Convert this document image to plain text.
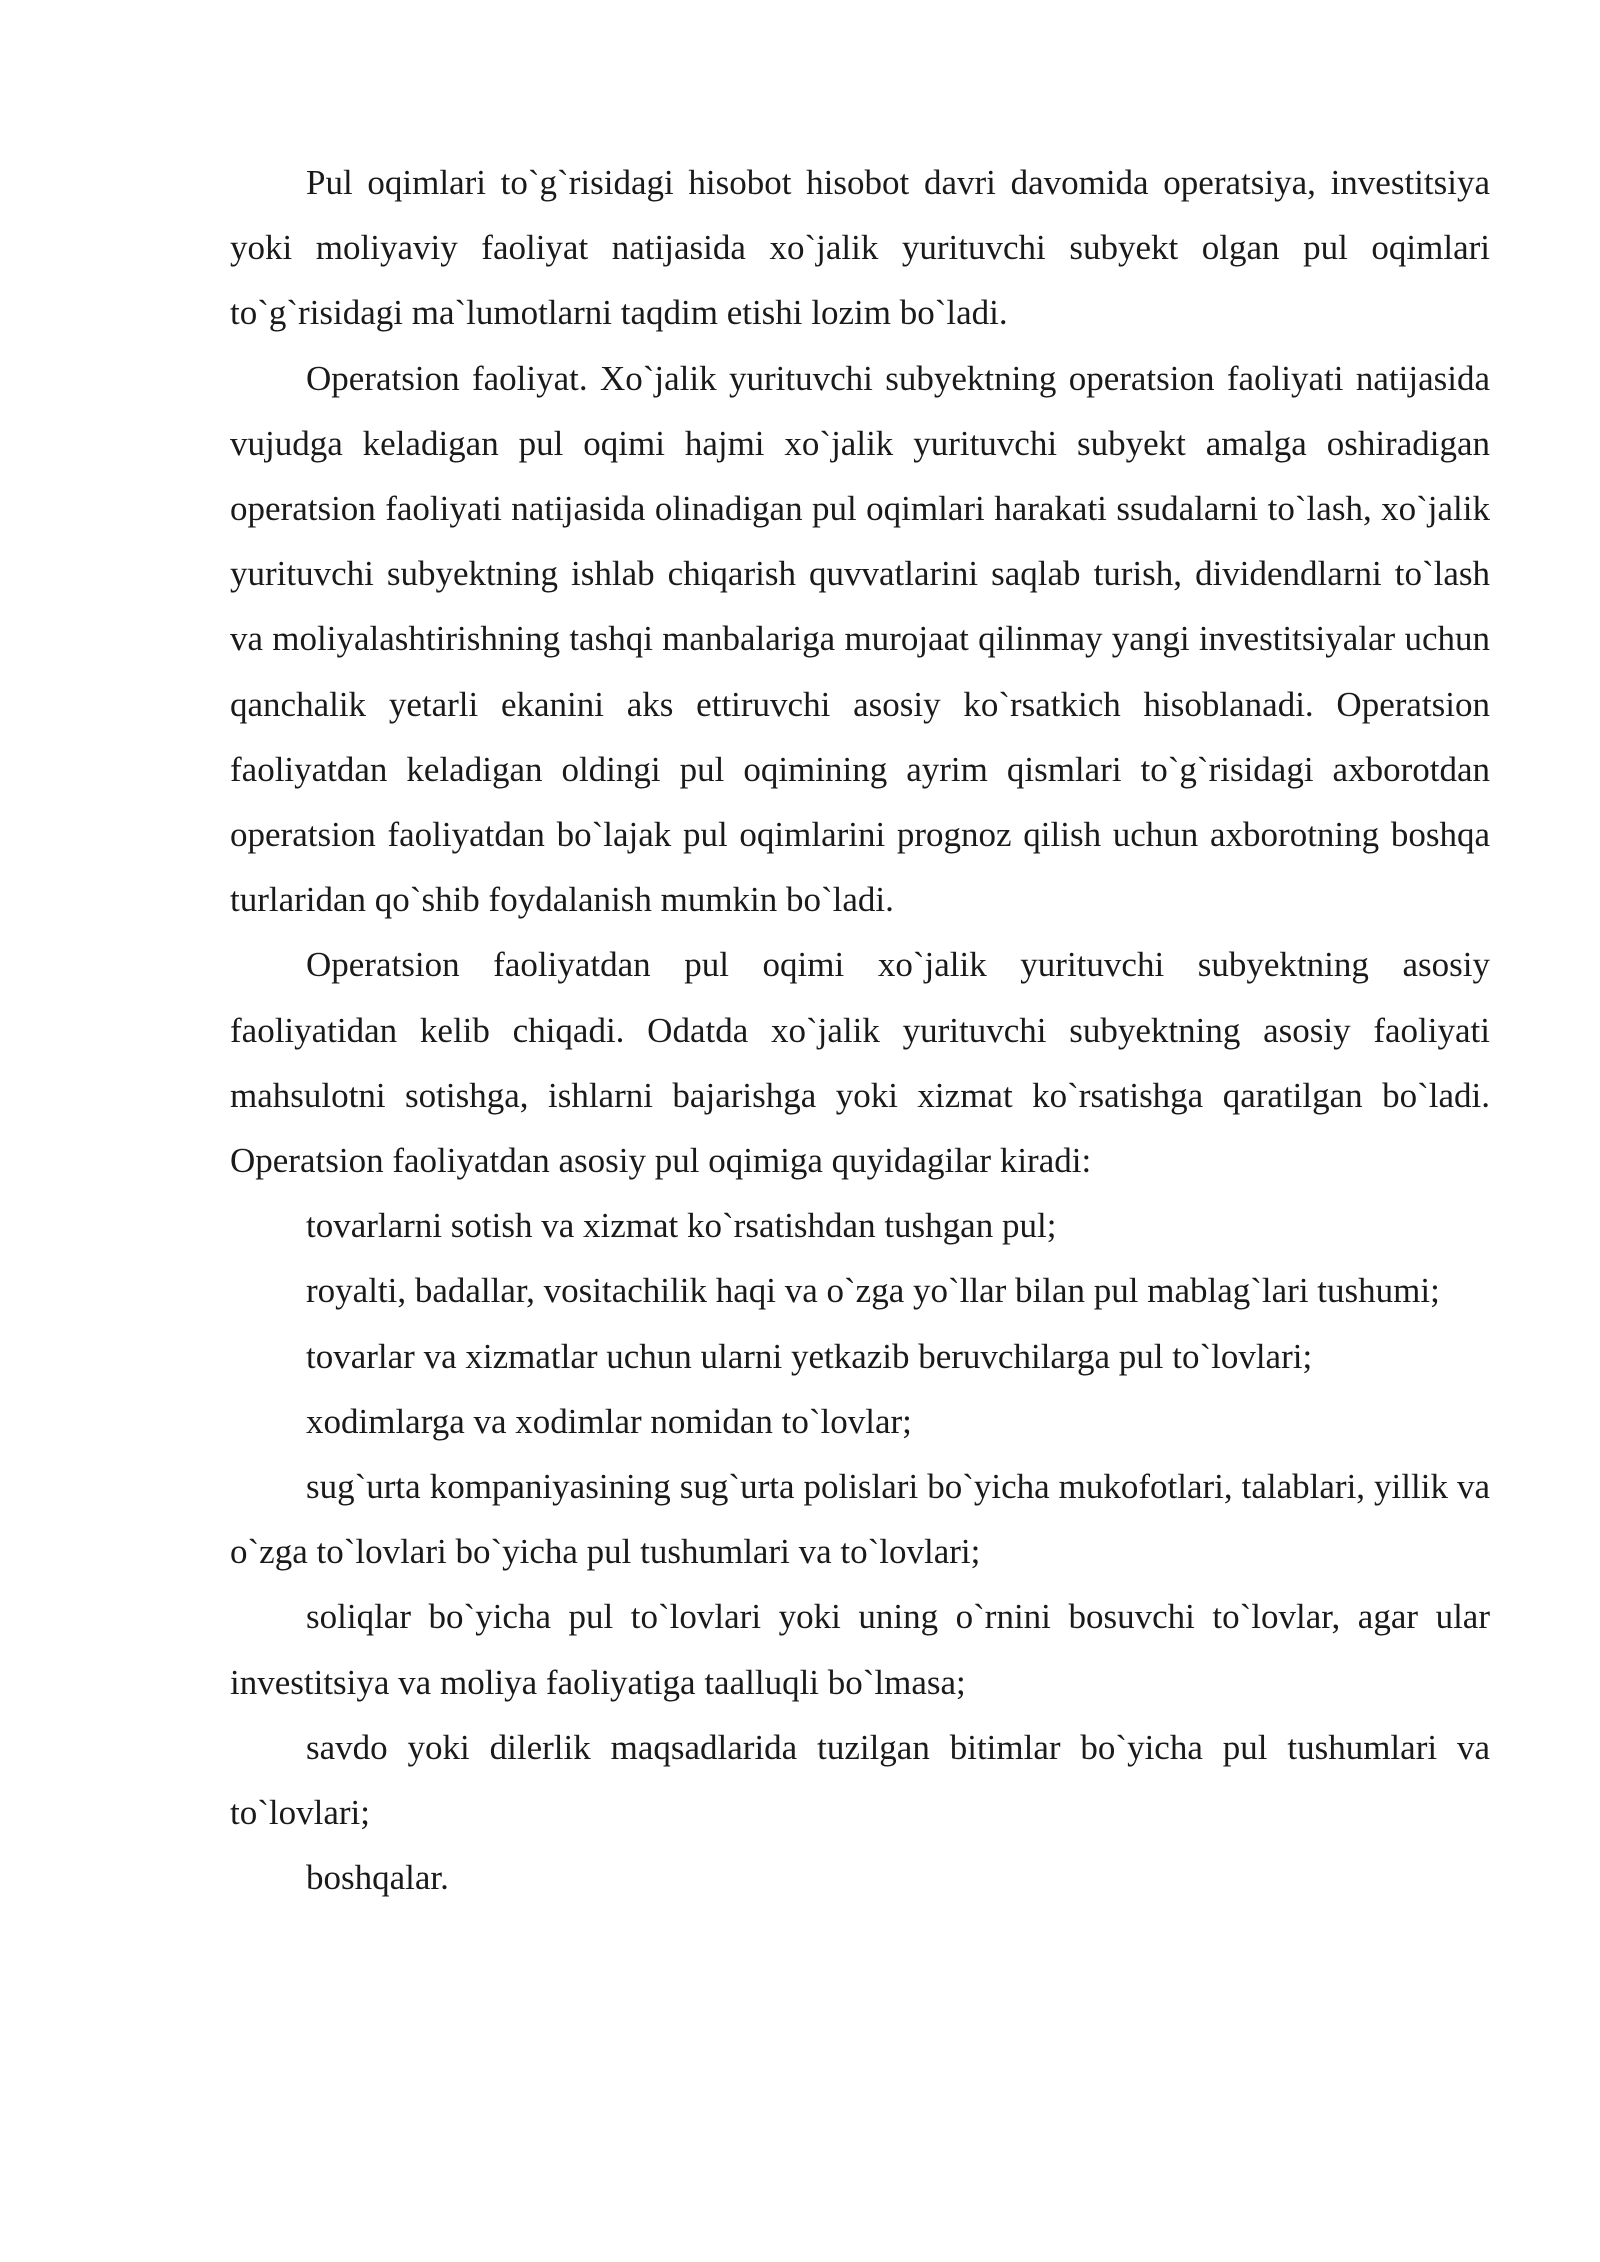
Pul oqimlari to`g`risidagi hisobot hisobot davri davomida operatsiya, investitsiya yoki moliyaviy faoliyat natijasida xo`jalik yurituvchi subyekt olgan pul oqimlari to`g`risidagi ma`lumotlarni taqdim etishi lozim bo`ladi.

Operatsion faoliyat. Xo`jalik yurituvchi subyektning operatsion faoliyati natijasida vujudga keladigan pul oqimi hajmi xo`jalik yurituvchi subyekt amalga oshiradigan operatsion faoliyati natijasida olinadigan pul oqimlari harakati ssudalarni to`lash, xo`jalik yurituvchi subyektning ishlab chiqarish quvvatlarini saqlab turish, dividendlarni to`lash va moliyalashtirishning tashqi manbalariga murojaat qilinmay yangi investitsiyalar uchun qanchalik yetarli ekanini aks ettiruvchi asosiy ko`rsatkich hisoblanadi. Operatsion faoliyatdan keladigan oldingi pul oqimining ayrim qismlari to`g`risidagi axborotdan operatsion faoliyatdan bo`lajak pul oqimlarini prognoz qilish uchun axborotning boshqa turlaridan qo`shib foydalanish mumkin bo`ladi.

Operatsion faoliyatdan pul oqimi xo`jalik yurituvchi subyektning asosiy faoliyatidan kelib chiqadi. Odatda xo`jalik yurituvchi subyektning asosiy faoliyati mahsulotni sotishga, ishlarni bajarishga yoki xizmat ko`rsatishga qaratilgan bo`ladi. Operatsion faoliyatdan asosiy pul oqimiga quyidagilar kiradi:

tovarlarni sotish va xizmat ko`rsatishdan tushgan pul;

royalti, badallar, vositachilik haqi va o`zga yo`llar bilan pul mablag`lari tushumi;

tovarlar va xizmatlar uchun ularni yetkazib beruvchilarga pul to`lovlari;

xodimlarga va xodimlar nomidan to`lovlar;

sug`urta kompaniyasining sug`urta polislari bo`yicha mukofotlari, talablari, yillik va o`zga to`lovlari bo`yicha pul tushumlari va to`lovlari;

soliqlar bo`yicha pul to`lovlari yoki uning o`rnini bosuvchi to`lovlar, agar ular investitsiya va moliya faoliyatiga taalluqli bo`lmasa;

savdo yoki dilerlik maqsadlarida tuzilgan bitimlar bo`yicha pul tushumlari va to`lovlari;

boshqalar.
